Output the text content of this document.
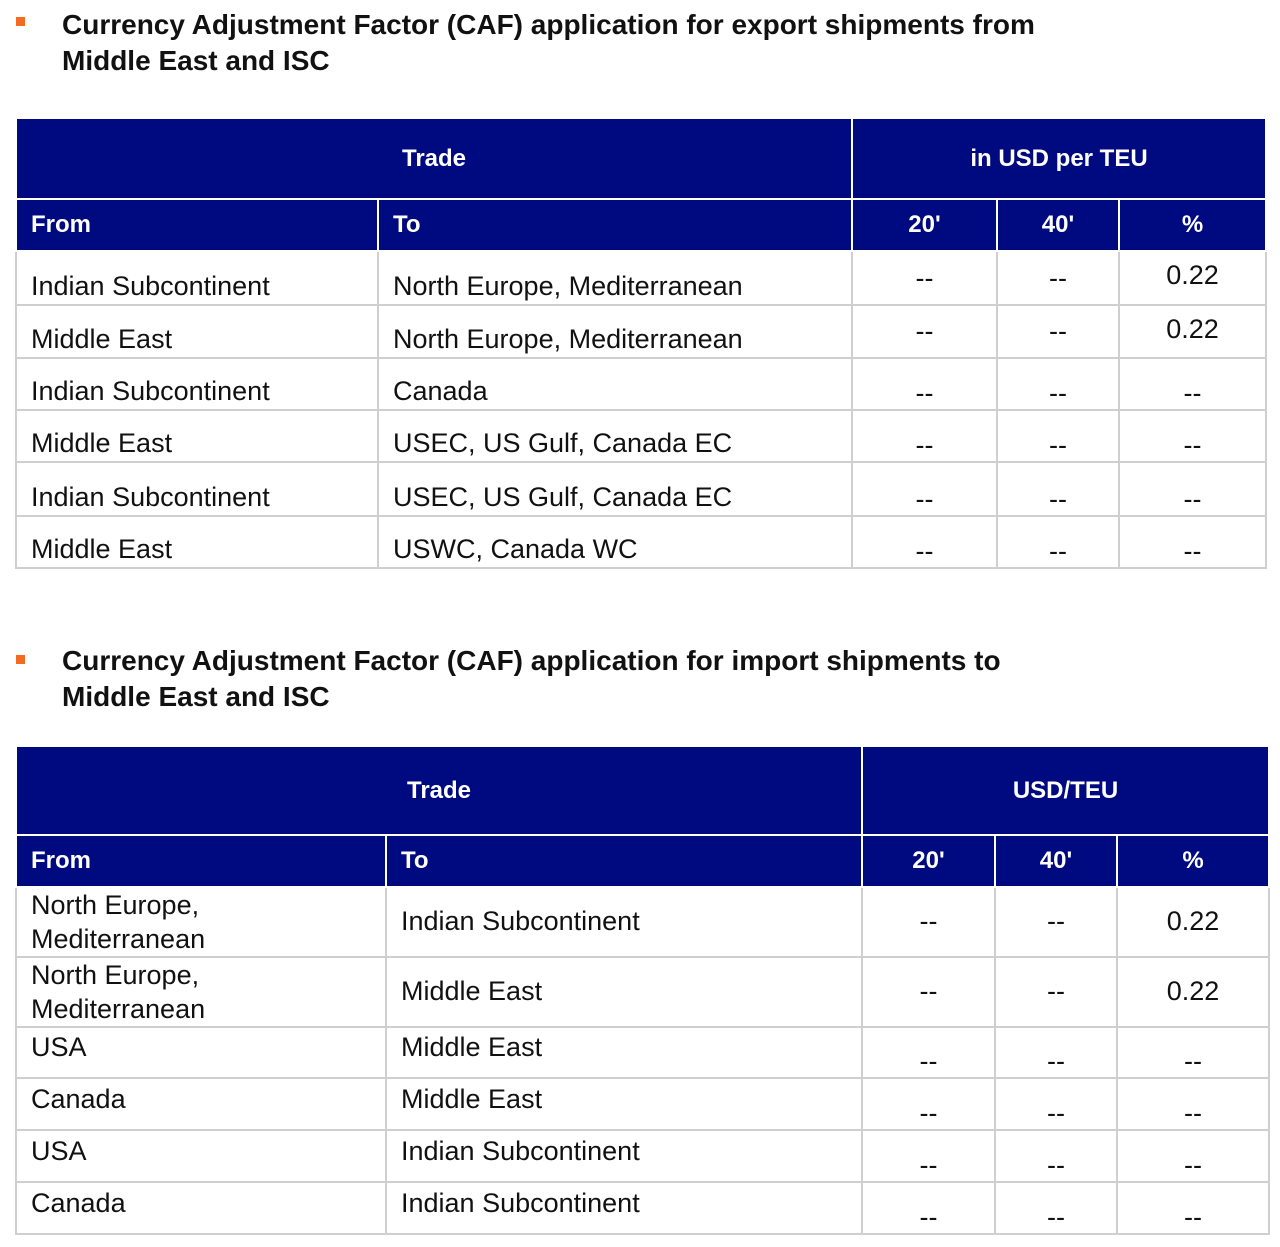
Currency Adjustment Factor (CAF) application for export shipments from
Middle East and ISC
Trade		in USD per TEU		
From	To	20'	40'	%
Indian Subcontinent	North Europe, Mediterranean	--	--	0.22
Middle East	North Europe, Mediterranean	--	--	0.22
Indian Subcontinent	Canada	--	--	--
Middle East	USEC, US Gulf, Canada EC	--	--	--
Indian Subcontinent	USEC, US Gulf, Canada EC	--	--	--
Middle East	USWC, Canada WC	--	--	--
Currency Adjustment Factor (CAF) application for import shipments to
Middle East and ISC
Trade		USD/TEU		
From	To	20'	40'	%

North Europe,
Mediterranean	Indian Subcontinent	--	--	0.22

North Europe,
Mediterranean	Middle East	--	--	0.22
USA	Middle East	--	--	--
Canada	Middle East	--	--	--
USA	Indian Subcontinent	--	--	--
Canada	Indian Subcontinent	--	--	--
